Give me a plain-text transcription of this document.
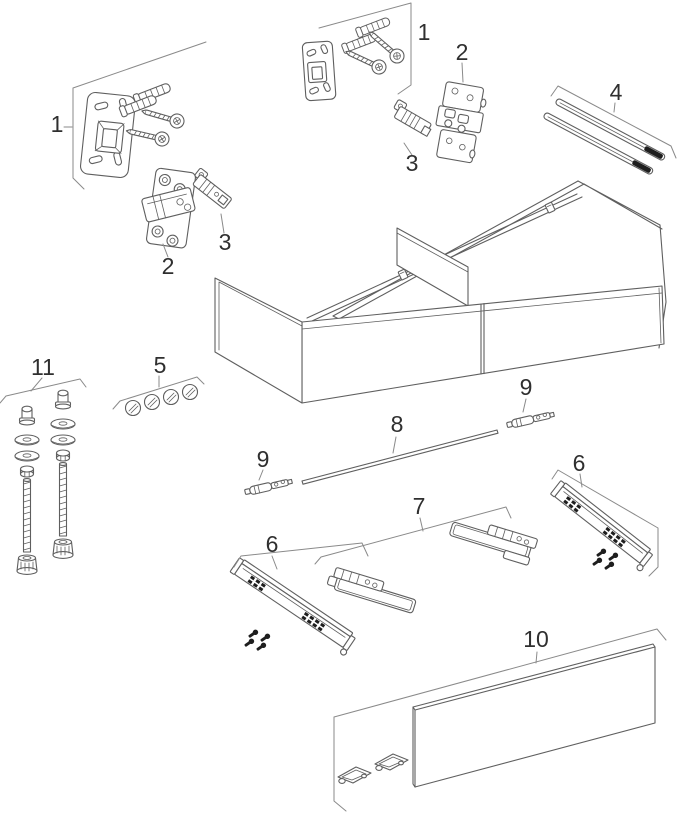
1
1
2
3
4
2
3
5
11
9
8
9
6
7
6
10
